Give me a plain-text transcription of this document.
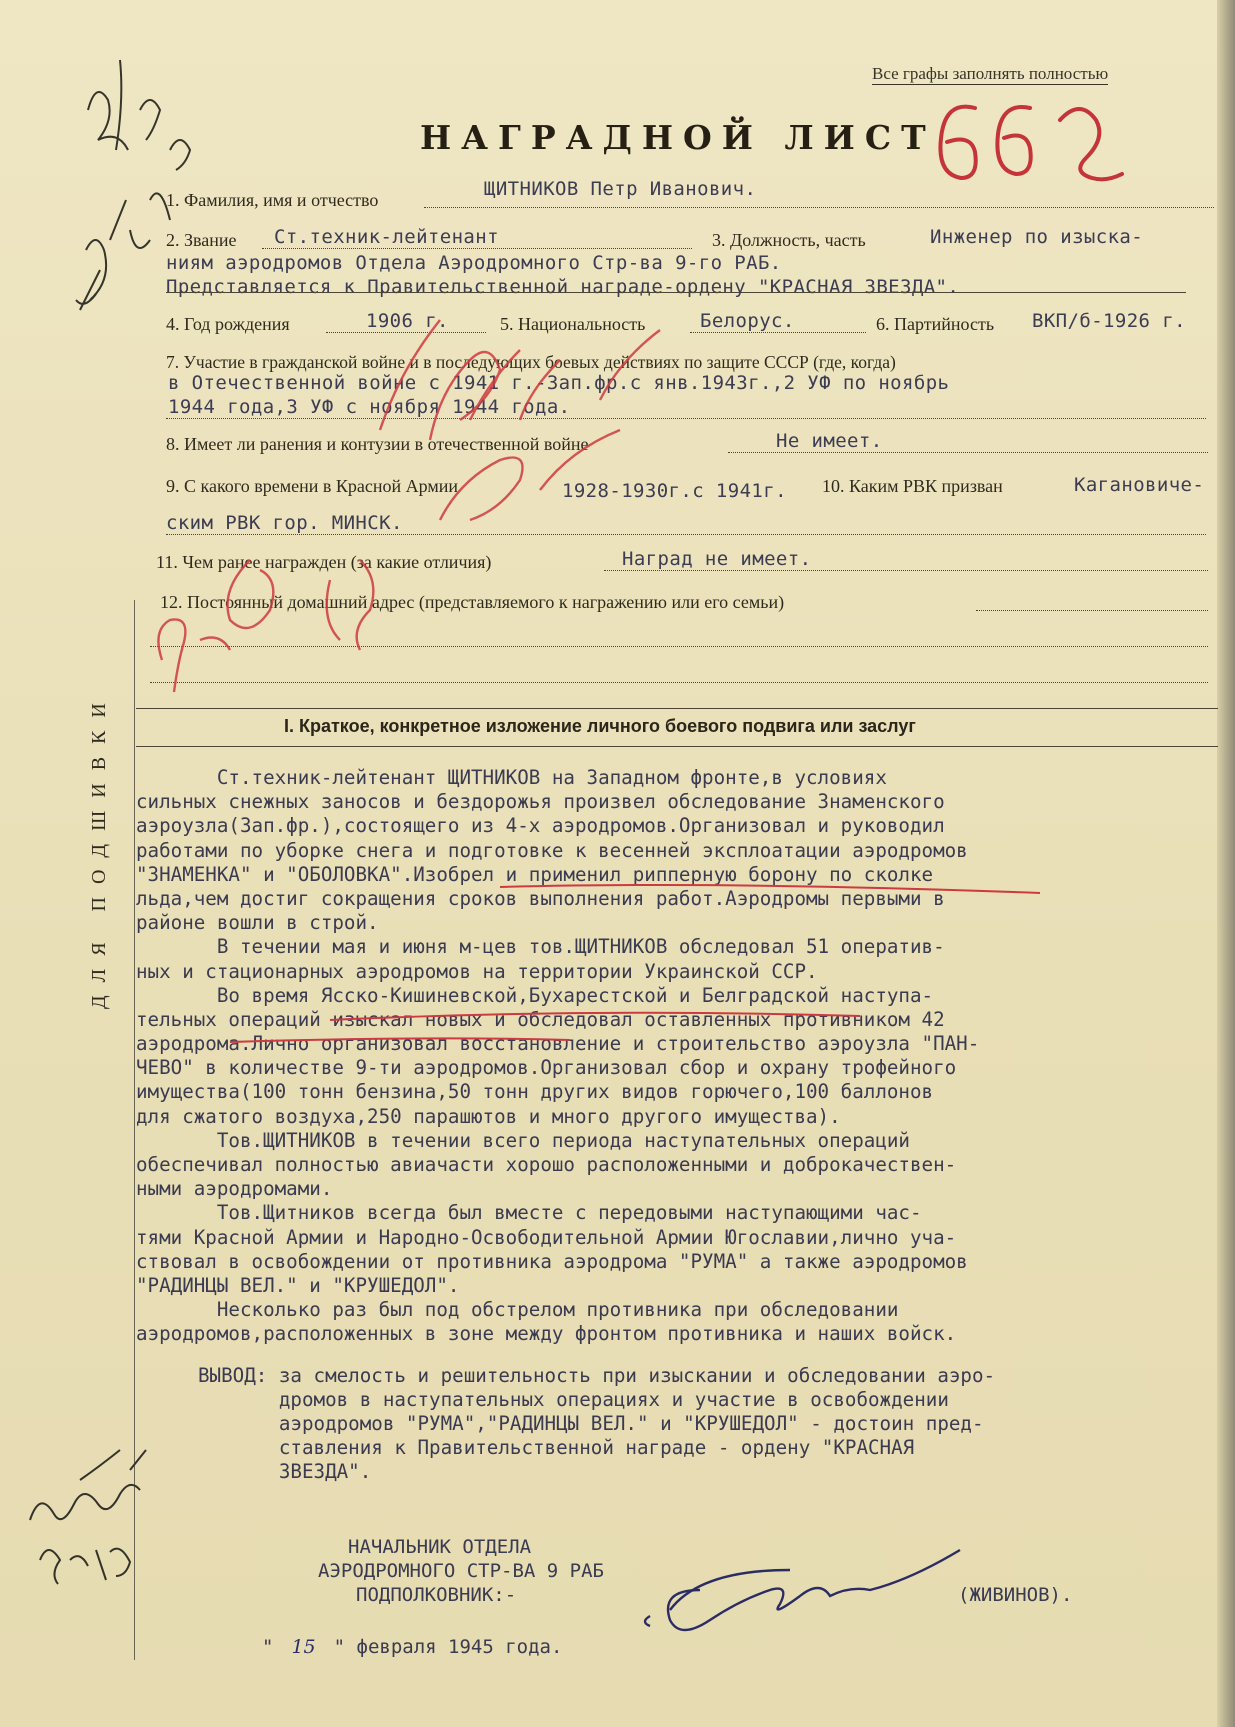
Все графы заполнять полностью
НАГРАДНОЙ ЛИСТ
1. Фамилия, имя и отчество	ЩИТНИКОВ Петр Иванович.
2. Звание Ст.техник-лейтенант	3. Должность, часть	Инженер по изыска-
ниям аэродромов Отдела Аэродромного Стр-ва 9-го РАБ.
Представляется к Правительственной награде-ордену "КРАСНАЯ ЗВЕЗДА".
4. Год рождения	1906 г.	5. Национальность	Белорус.	6. Партийность ВКП/б-1926 г.
7. Участие в гражданской войне и в последующих боевых действиях по защите СССР (где, когда)
в Отечественной войне с 1941 г.-Зап.фр.с янв.1943г.,2 УФ по ноябрь
1944 года,3 УФ с ноября 1944 года.
8. Имеет ли ранения и контузии в отечественной войне	Не имеет.
9. С какого времени в Красной Армии	1928-1930г.с 1941г. 10. Каким РВК призван	Кагановиче-
ским РВК гор. МИНСК.
11. Чем ранее награжден (за какие отличия)	Наград не имеет.
12. Постоянный домашний адрес (представляемого к награжению или его семьи)
ДЛЯ ПОДШИВКИ	I. Краткое, конкретное изложение личного боевого подвига или заслуг
Ст.техник-лейтенант ЩИТНИКОВ на Западном фронте,в условиях
сильных снежных заносов и бездорожья произвел обследование Знаменского
аэроузла(Зап.фр.),состоящего из 4-х аэродромов.Организовал и руководил
работами по уборке снега и подготовке к весенней эксплоатации аэродромов
"ЗНАМЕНКА" и "ОБОЛОВКА".Изобрел и применил рипперную борону по сколке
льда,чем достиг сокращения сроков выполнения работ.Аэродромы первыми в
районе вошли в строй.
В течении мая и июня м-цев тов.ЩИТНИКОВ обследовал 51 оператив-
ных и стационарных аэродромов на территории Украинской ССР.
Во время Ясско-Кишиневской,Бухарестской и Белградской наступа-
тельных операций изыскал новых и обследовал оставленных противником 42
аэродрома.Лично организовал восстановление и строительство аэроузла "ПАН-
ЧЕВО" в количестве 9-ти аэродромов.Организовал сбор и охрану трофейного
имущества(100 тонн бензина,50 тонн других видов горючего,100 баллонов
для сжатого воздуха,250 парашютов и много другого имущества).
Тов.ЩИТНИКОВ в течении всего периода наступательных операций
обеспечивал полностью авиачасти хорошо расположенными и доброкачествен-
ными аэродромами.
Тов.Щитников всегда был вместе с передовыми наступающими час-
тями Красной Армии и Народно-Освободительной Армии Югославии,лично уча-
ствовал в освобождении от противника аэродрома "РУМА" а также аэродромов
"РАДИНЦЫ ВЕЛ." и "КРУШЕДОЛ".
Несколько раз был под обстрелом противника при обследовании
аэродромов,расположенных в зоне между фронтом противника и наших войск.
ВЫВОД: за смелость и решительность при изыскании и обследовании аэро-
дромов в наступательных операциях и участие в освобождении
аэродромов "РУМА","РАДИНЦЫ ВЕЛ." и "КРУШЕДОЛ" - достоин пред-
ставления к Правительственной награде - ордену "КРАСНАЯ
ЗВЕЗДА".
НАЧАЛЬНИК ОТДЕЛА
АЭРОДРОМНОГО СТР-ВА 9 РАБ
ПОДПОЛКОВНИК:-	(ЖИВИНОВ).
" 15 " февраля 1945 года.
